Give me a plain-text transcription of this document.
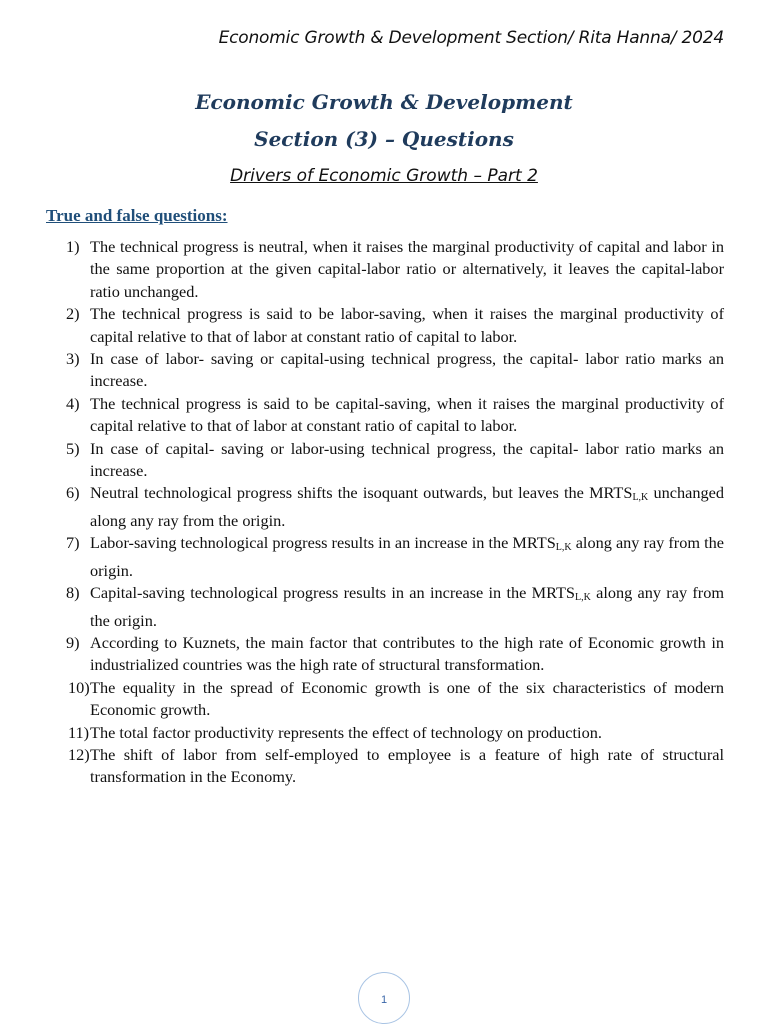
Economic Growth & Development Section/ Rita Hanna/ 2024
Economic Growth & Development
Section (3) – Questions
Drivers of Economic Growth – Part 2
True and false questions:
1) The technical progress is neutral, when it raises the marginal productivity of capital and labor in the same proportion at the given capital-labor ratio or alternatively, it leaves the capital-labor ratio unchanged.
2) The technical progress is said to be labor-saving, when it raises the marginal productivity of capital relative to that of labor at constant ratio of capital to labor.
3) In case of labor- saving or capital-using technical progress, the capital- labor ratio marks an increase.
4) The technical progress is said to be capital-saving, when it raises the marginal productivity of capital relative to that of labor at constant ratio of capital to labor.
5) In case of capital- saving or labor-using technical progress, the capital- labor ratio marks an increase.
6) Neutral technological progress shifts the isoquant outwards, but leaves the $MRTS_{L,K}$ unchanged along any ray from the origin.
7) Labor-saving technological progress results in an increase in the $MRTS_{L,K}$ along any ray from the origin.
8) Capital-saving technological progress results in an increase in the $MRTS_{L,K}$ along any ray from the origin.
9) According to Kuznets, the main factor that contributes to the high rate of Economic growth in industrialized countries was the high rate of structural transformation.
10) The equality in the spread of Economic growth is one of the six characteristics of modern Economic growth.
11) The total factor productivity represents the effect of technology on production.
12) The shift of labor from self-employed to employee is a feature of high rate of structural transformation in the Economy.
1
